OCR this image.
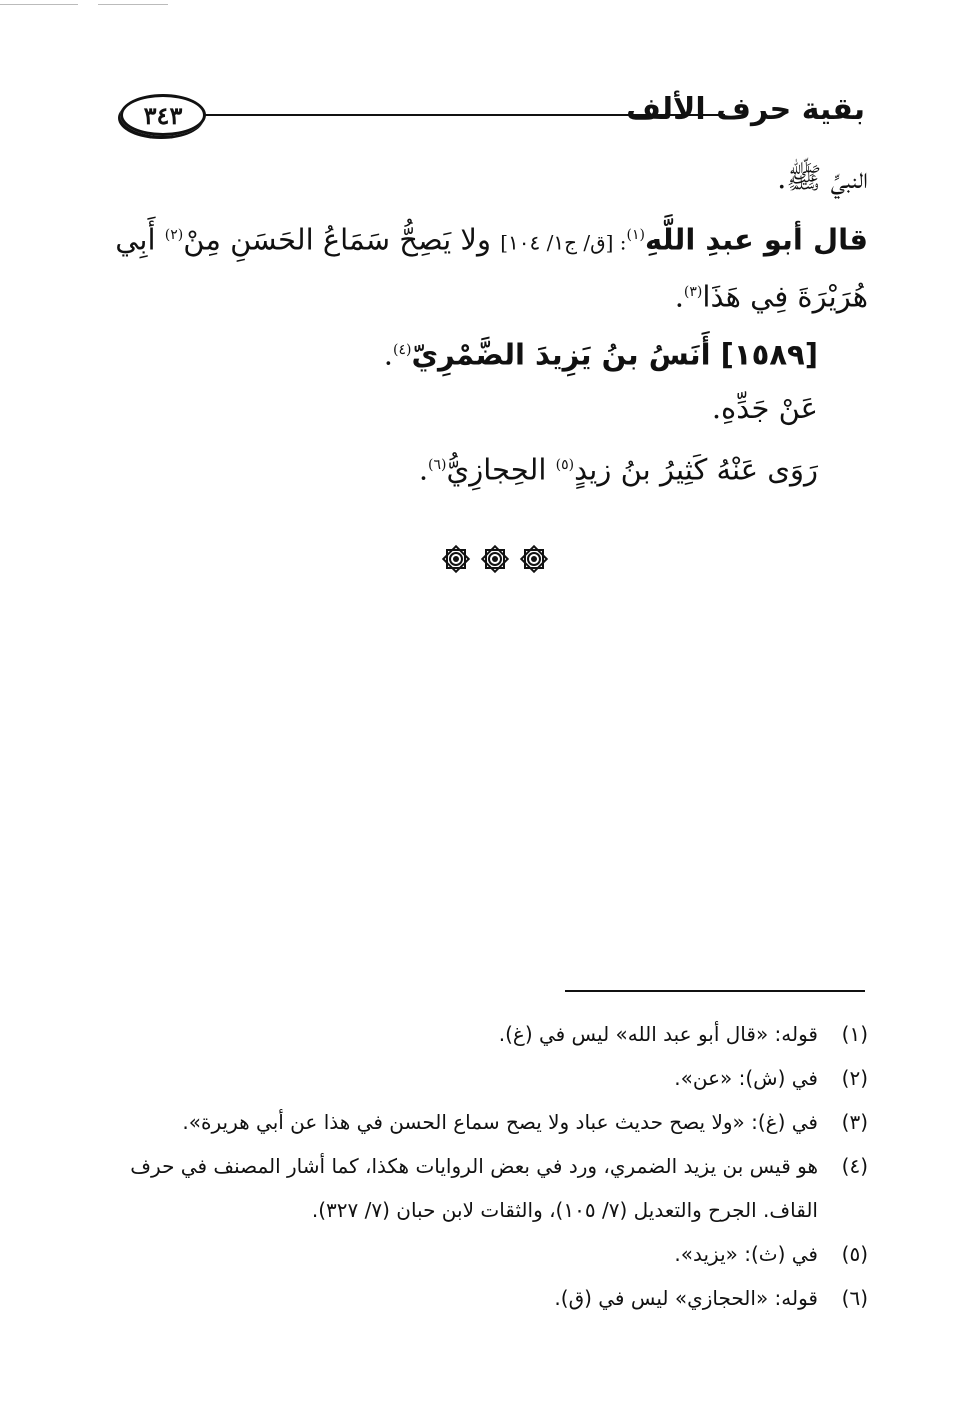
٣٤٣	بقية حرف الألف
النبيِّ ﷺ.
قال أبو عبدِ اللَّهِ$^{(١)}$: [ق/ ج١/ ١٠٤] ولا يَصِحُّ سَمَاعُ الحَسَنِ مِنْ$^{(٢)}$ أَبِي
هُرَيْرَةَ فِي هَذَا$^{(٣)}$.
[١٥٨٩] أَنَسُ بنُ يَزِيدَ الضَّمْرِيّ$^{(٤)}$.
عَنْ جَدِّهِ.
رَوَى عَنْهُ كَثِيرُ بنُ زيدٍ$^{(٥)}$ الحِجازِيُّ$^{(٦)}$.
(١)
قوله: «قال أبو عبد الله» ليس في (غ).
(٢)
في (ش): «عن».
(٣)
في (غ): «ولا يصح حديث عباد ولا يصح سماع الحسن في هذا عن أبي هريرة».
(٤)
هو قيس بن يزيد الضمري، ورد في بعض الروايات هكذا، كما أشار المصنف في حرف القاف. الجرح والتعديل (٧/ ١٠٥)، والثقات لابن حبان (٧/ ٣٢٧).
(٥)
في (ث): «يزيد».
(٦)
قوله: «الحجازي» ليس في (ق).
